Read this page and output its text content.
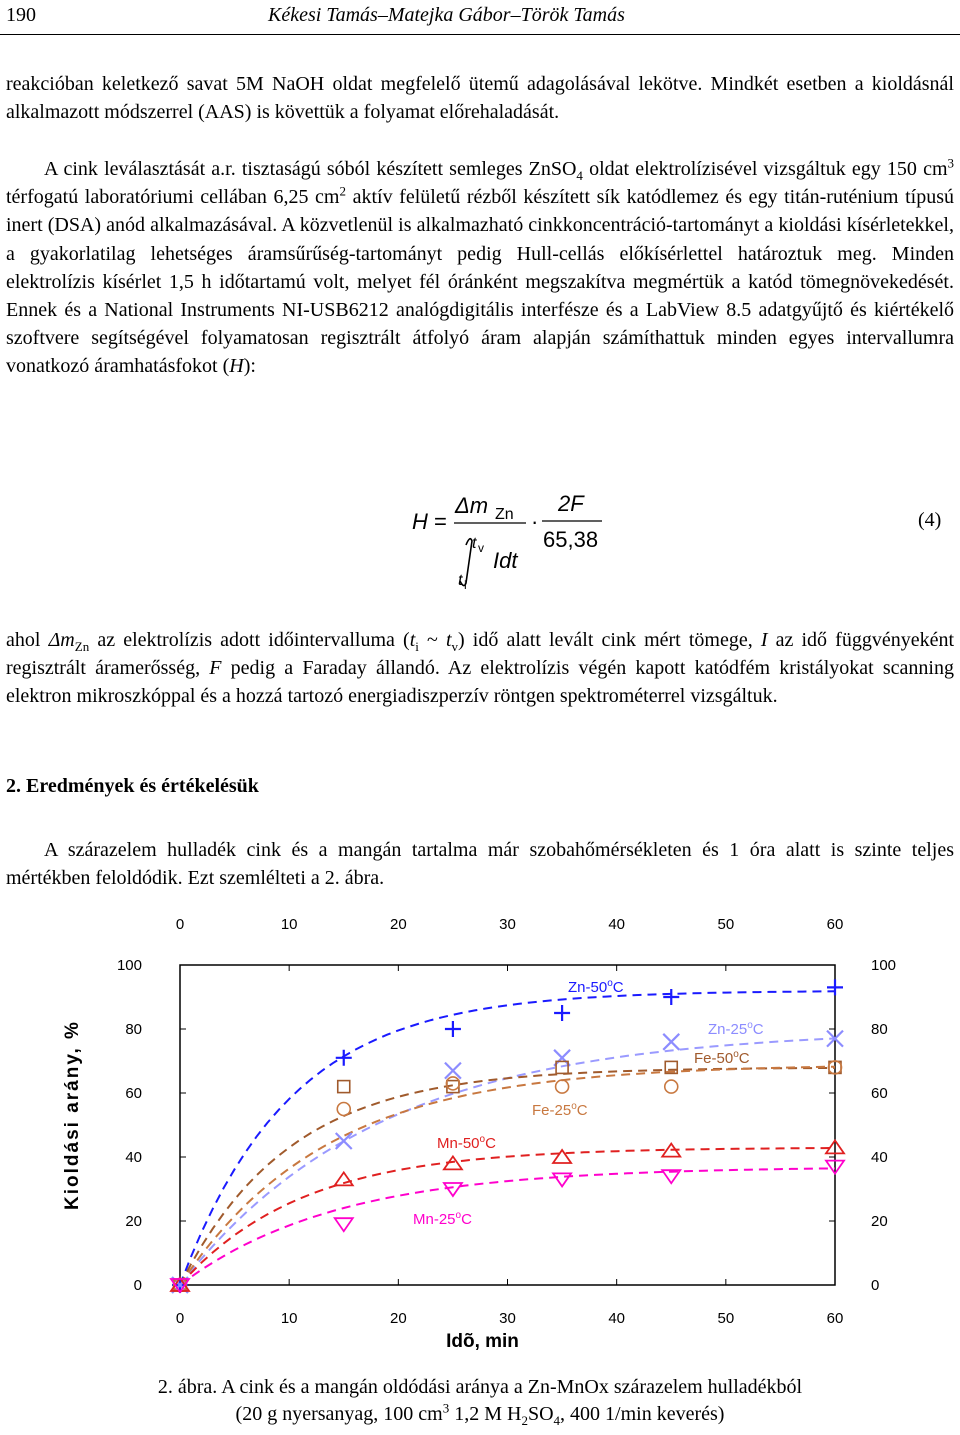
190	Kékesi Tamás–Matejka Gábor–Török Tamás

reakcióban keletkező savat 5M NaOH oldat megfelelő ütemű adagolásával lekötve. Mindkét esetben a kioldásnál alkalmazott módszerrel (AAS) is követtük a folyamat előrehaladását.

A cink leválasztását a.r. tisztaságú sóból készített semleges ZnSO$_4$ oldat elektrolízisével vizsgáltuk egy 150 $cm^3$ térfogatú laboratóriumi cellában 6,25 $cm^2$ aktív felületű rézből készített sík katódlemez és egy titán-ruténium típusú inert (DSA) anód alkalmazásával. A közvetlenül is alkalmazható cinkkoncentráció-tartományt a kioldási kísérletekkel, a gyakorlatilag lehetséges áramsűrűség-tartományt pedig Hull-cellás előkísérlettel határoztuk meg. Minden elektrolízis kísérlet 1,5 h időtartamú volt, melyet fél óránként megszakítva megmértük a katód tömegnövekedését. Ennek és a National Instruments NI-USB6212 analógdigitális interfésze és a LabView 8.5 adatgyűjtő és kiértékelő szoftvere segítségével folyamatosan regisztrált átfolyó áram alapján számíthattuk minden egyes intervallumra vonatkozó áramhatásfokot (H):

H =
Δm Zn
t v
t i
Idt
·
2F
65,38
(4)

ahol $\Delta m_{Zn}$ az elektrolízis adott időintervalluma ($t_i$ ~ $t_v$) idő alatt levált cink mért tömege, I az idő függvényeként regisztrált áramerősség, F pedig a Faraday állandó. Az elektrolízis végén kapott katódfém kristályokat scanning elektron mikroszkóppal és a hozzá tartozó energiadiszperzív röntgen spektrométerrel vizsgáltuk.

2. Eredmények és értékelésük

A szárazelem hulladék cink és a mangán tartalma már szobahőmérsékleten és 1 óra alatt is szinte teljes mértékben feloldódik. Ezt szemlélteti a 2. ábra.

0
0
10
10
20
20
30
30
40
40
50
50
60
60
0	0
20	20
40	40
60	60
80	80
100	100
Idõ, min
Kioldási arány, %
Zn-50$^o$C
Zn-25$^o$C
Fe-50$^o$C
Fe-25$^o$C
Mn-50$^o$C
Mn-25$^o$C
2. ábra. A cink és a mangán oldódási aránya a Zn-MnOx szárazelem hulladékból
(20 g nyersanyag, 100 $cm^3$ 1,2 M $H_2SO_4$, 400 1/min keverés)
